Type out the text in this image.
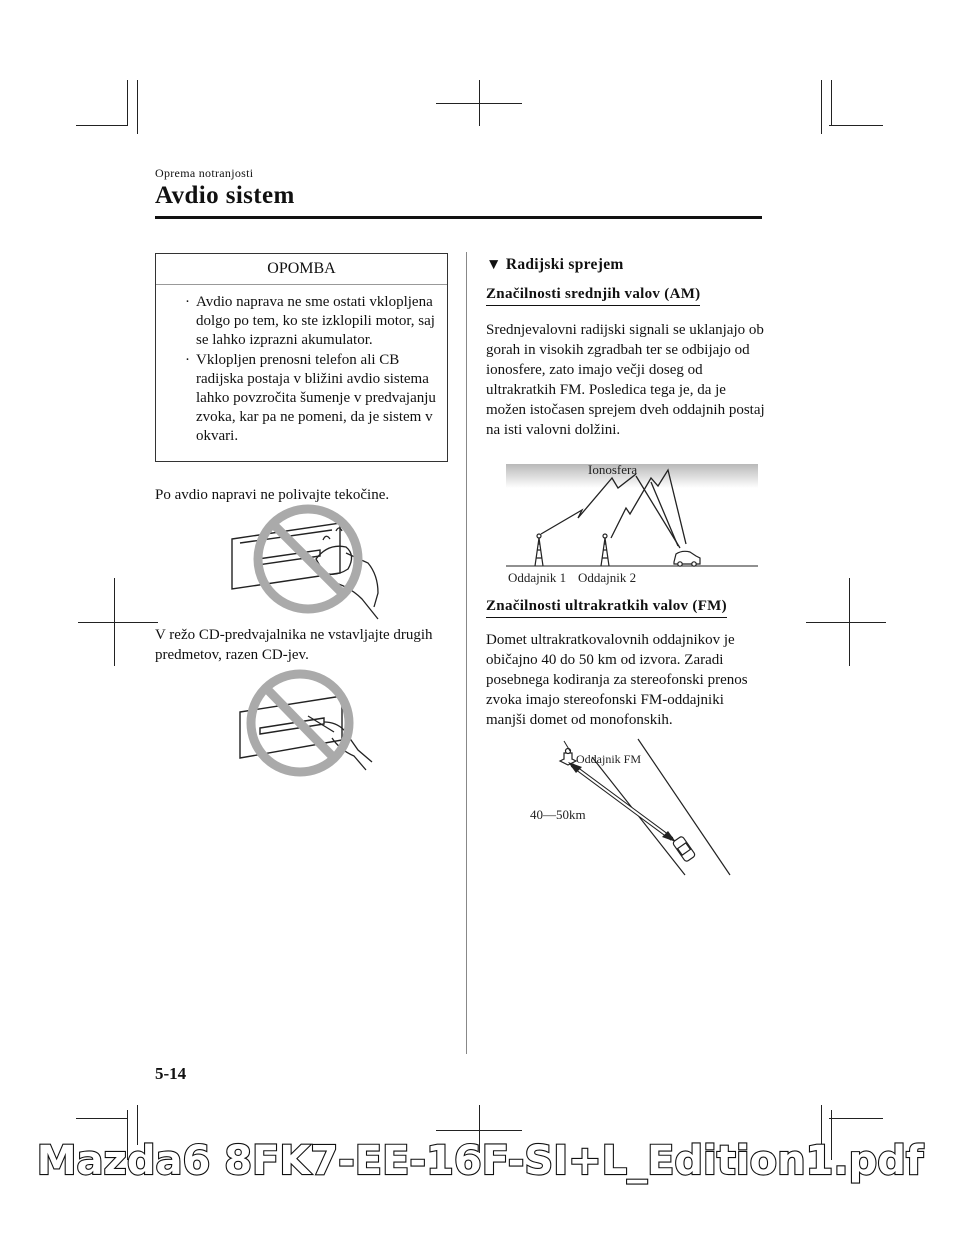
Oprema notranjosti
Avdio sistem
OPOMBA
· Avdio naprava ne sme ostati vklopljena dolgo po tem, ko ste izklopili motor, saj se lahko izprazni akumulator.
· Vklopljen prenosni telefon ali CB radijska postaja v bližini avdio sistema lahko povzročita šumenje v predvajanju zvoka, kar pa ne pomeni, da je sistem v okvari.
Po avdio napravi ne polivajte tekočine.
V režo CD-predvajalnika ne vstavljajte drugih predmetov, razen CD-jev.
▼ Radijski sprejem
Značilnosti srednjih valov (AM)
Srednjevalovni radijski signali se uklanjajo ob gorah in visokih zgradbah ter se odbijajo od ionosfere, zato imajo večji doseg od ultrakratkih FM. Posledica tega je, da je možen istočasen sprejem dveh oddajnih postaj na isti valovni dolžini.
Ionosfera
Oddajnik 1 Oddajnik 2
Značilnosti ultrakratkih valov (FM)
Domet ultrakratkovalovnih oddajnikov je običajno 40 do 50 km od izvora. Zaradi posebnega kodiranja za stereofonski prenos zvoka imajo stereofonski FM-oddajniki manjši domet od monofonskih.
Oddajnik FM
40—50km
5-14
Mazda6 8FK7-EE-16F-SI+L_Edition1.pdf
